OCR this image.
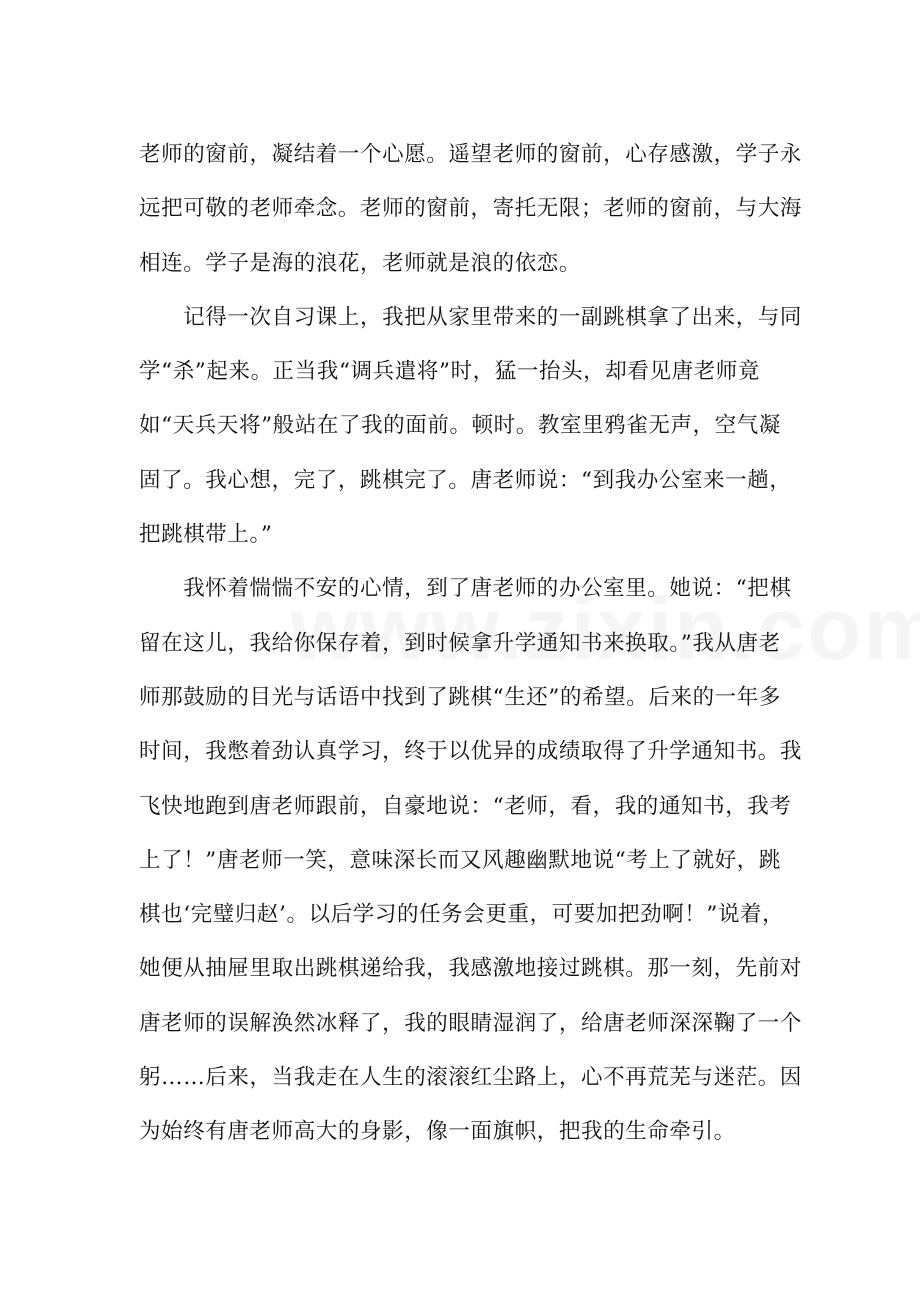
老师的窗前，凝结着一个心愿。遥望老师的窗前，心存感激，学子永
远把可敬的老师牵念。老师的窗前，寄托无限；老师的窗前，与大海
相连。学子是海的浪花，老师就是浪的依恋。
　　记得一次自习课上，我把从家里带来的一副跳棋拿了出来，与同
学“杀”起来。正当我“调兵遣将”时，猛一抬头，却看见唐老师竟
如“天兵天将”般站在了我的面前。顿时。教室里鸦雀无声，空气凝
固了。我心想，完了，跳棋完了。唐老师说：“到我办公室来一趟，
把跳棋带上。”
　　我怀着惴惴不安的心情，到了唐老师的办公室里。她说：“把棋
留在这儿，我给你保存着，到时候拿升学通知书来换取。”我从唐老
师那鼓励的目光与话语中找到了跳棋“生还”的希望。后来的一年多
时间，我憋着劲认真学习，终于以优异的成绩取得了升学通知书。我
飞快地跑到唐老师跟前，自豪地说：“老师，看，我的通知书，我考
上了！”唐老师一笑，意味深长而又风趣幽默地说“考上了就好，跳
棋也‘完璧归赵’。以后学习的任务会更重，可要加把劲啊！”说着，
她便从抽屉里取出跳棋递给我，我感激地接过跳棋。那一刻，先前对
唐老师的误解涣然冰释了，我的眼睛湿润了，给唐老师深深鞠了一个
躬……后来，当我走在人生的滚滚红尘路上，心不再荒芜与迷茫。因
为始终有唐老师高大的身影，像一面旗帜，把我的生命牵引。
